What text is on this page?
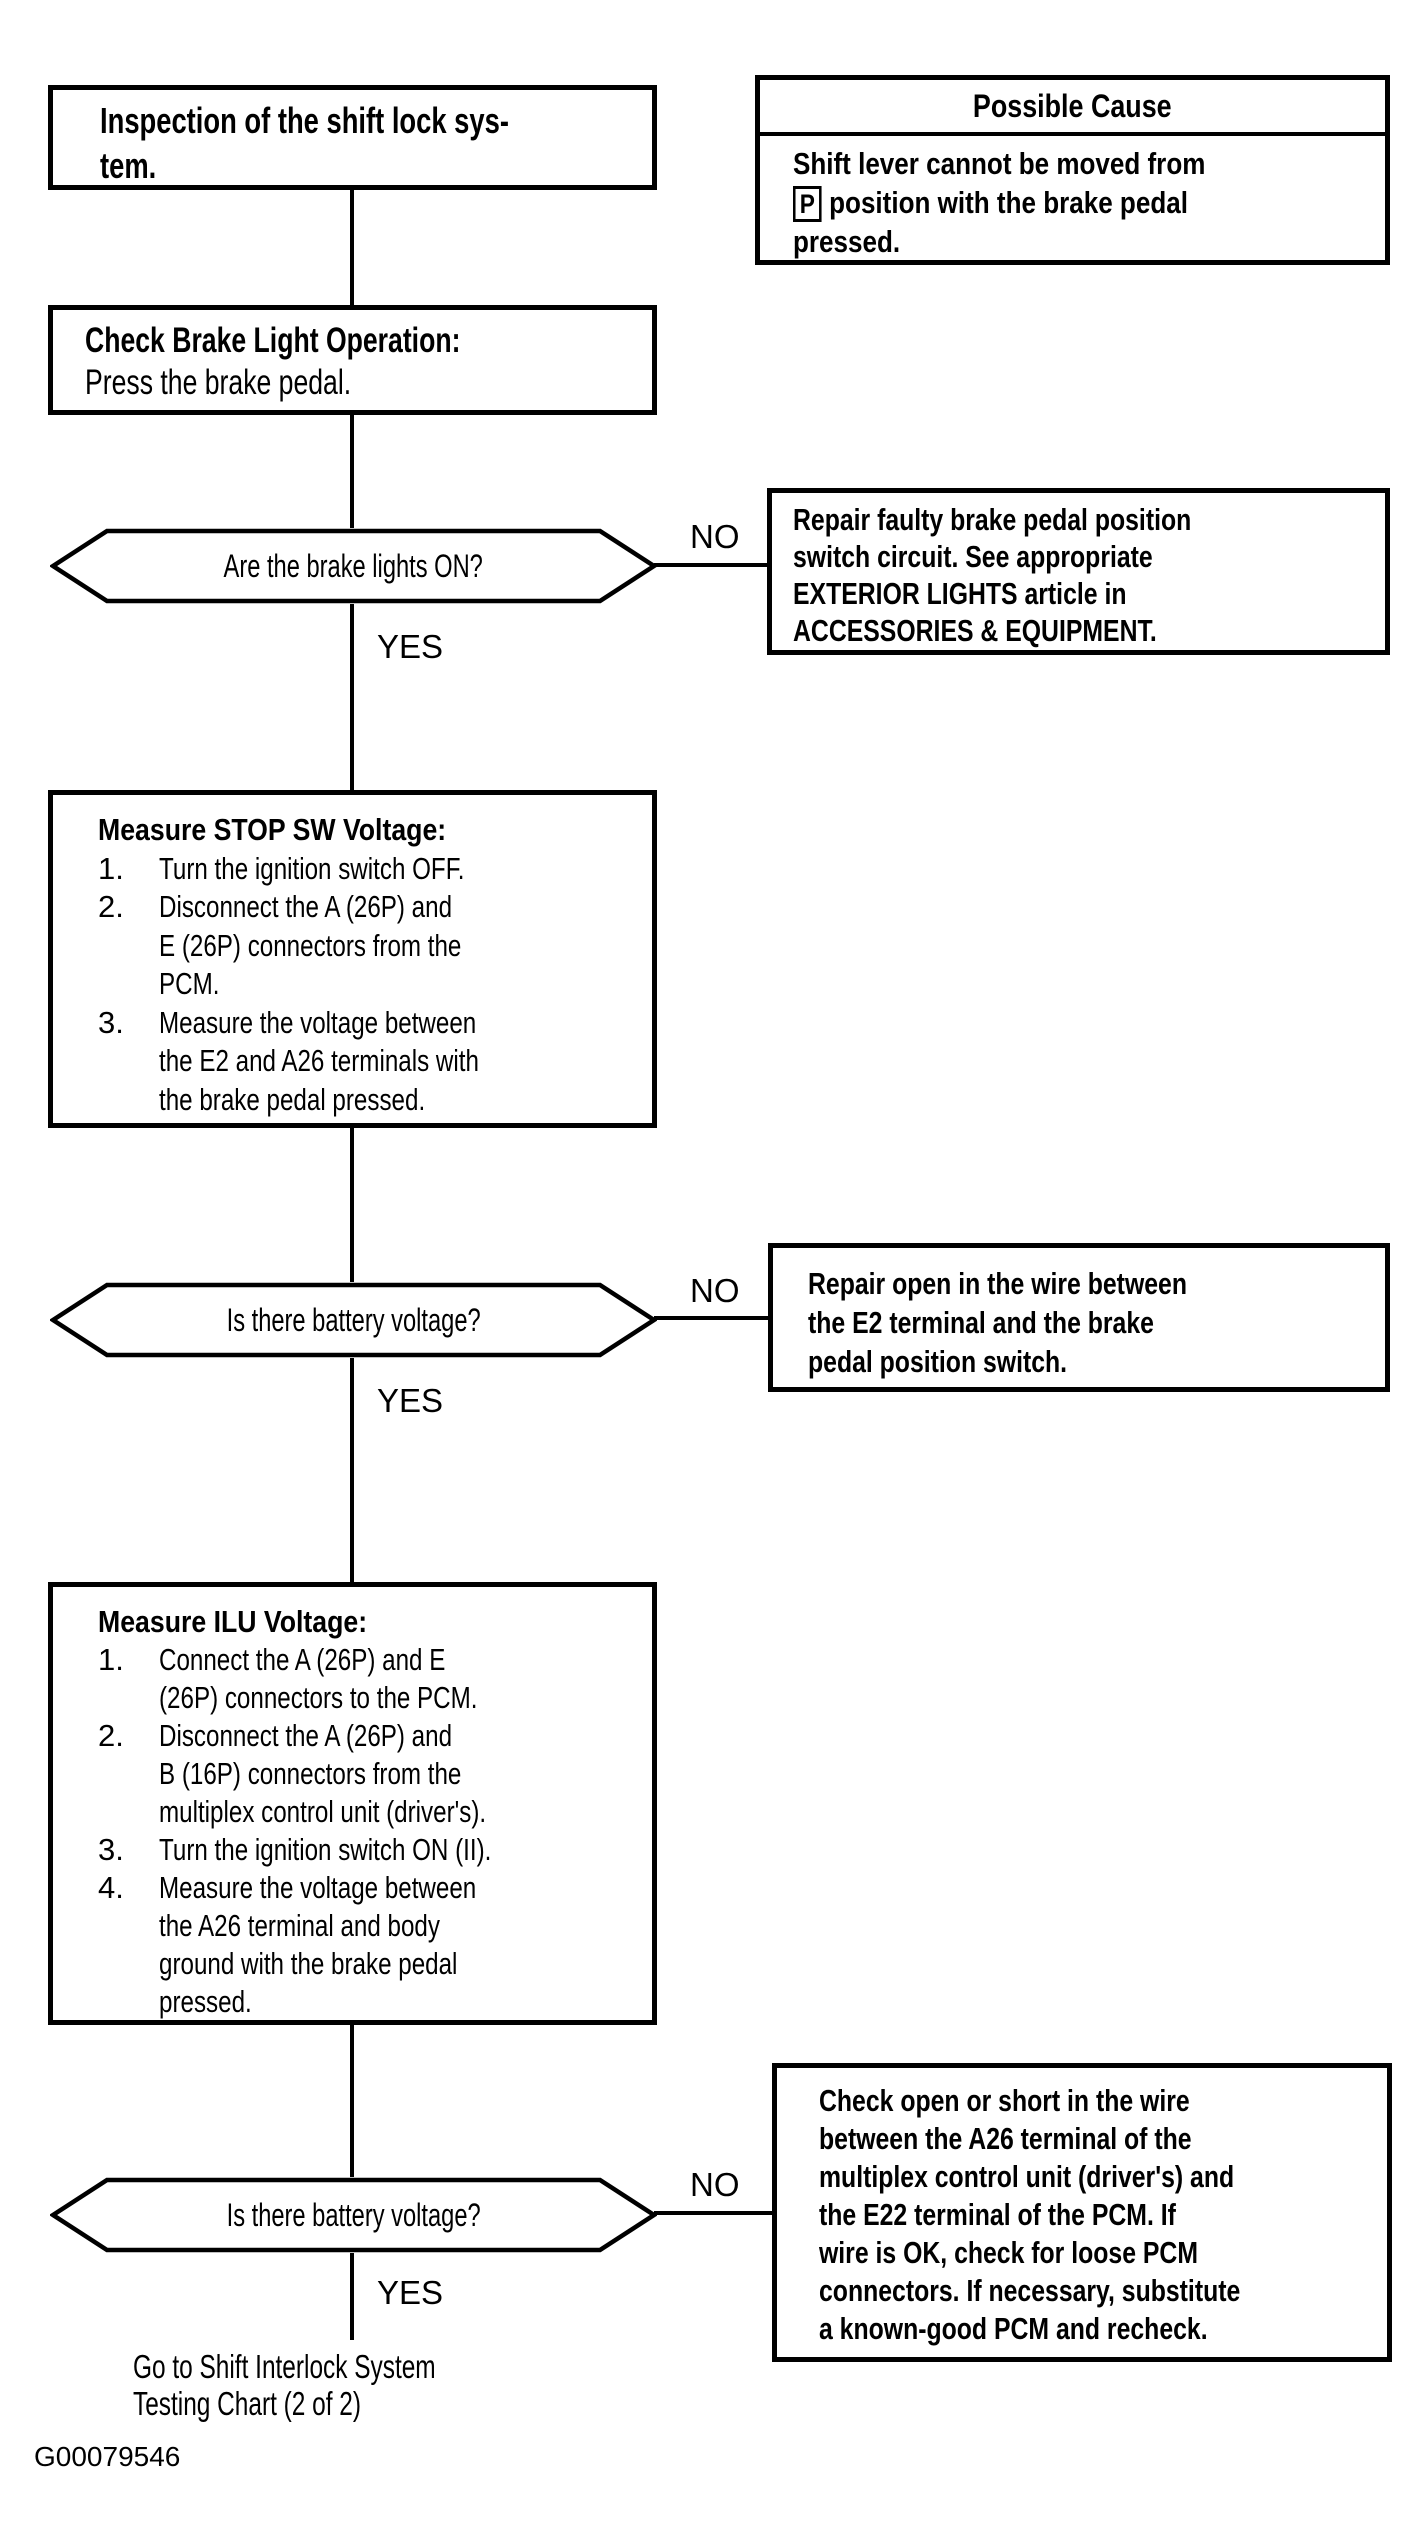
Inspection of the shift lock sys-
tem.
Possible Cause
Shift lever cannot be moved from
P position with the brake pedal
pressed.
Check Brake Light Operation:
Press the brake pedal.
Are the brake lights ON?
NO
YES
Repair faulty brake pedal position
switch circuit. See appropriate
EXTERIOR LIGHTS article in
ACCESSORIES & EQUIPMENT.
Measure STOP SW Voltage:
1.	Turn the ignition switch OFF.
2.	Disconnect the A (26P) and
E (26P) connectors from the
PCM.
3.	Measure the voltage between
the E2 and A26 terminals with
the brake pedal pressed.
Is there battery voltage?
NO
YES
Repair open in the wire between
the E2 terminal and the brake
pedal position switch.
Measure ILU Voltage:
1.	Connect the A (26P) and E
(26P) connectors to the PCM.
2.	Disconnect the A (26P) and
B (16P) connectors from the
multiplex control unit (driver's).
3.	Turn the ignition switch ON (II).
4.	Measure the voltage between
the A26 terminal and body
ground with the brake pedal
pressed.
Is there battery voltage?
NO
YES
Check open or short in the wire
between the A26 terminal of the
multiplex control unit (driver's) and
the E22 terminal of the PCM. If
wire is OK, check for loose PCM
connectors. If necessary, substitute
a known-good PCM and recheck.
Go to Shift Interlock System
Testing Chart (2 of 2)
G00079546
